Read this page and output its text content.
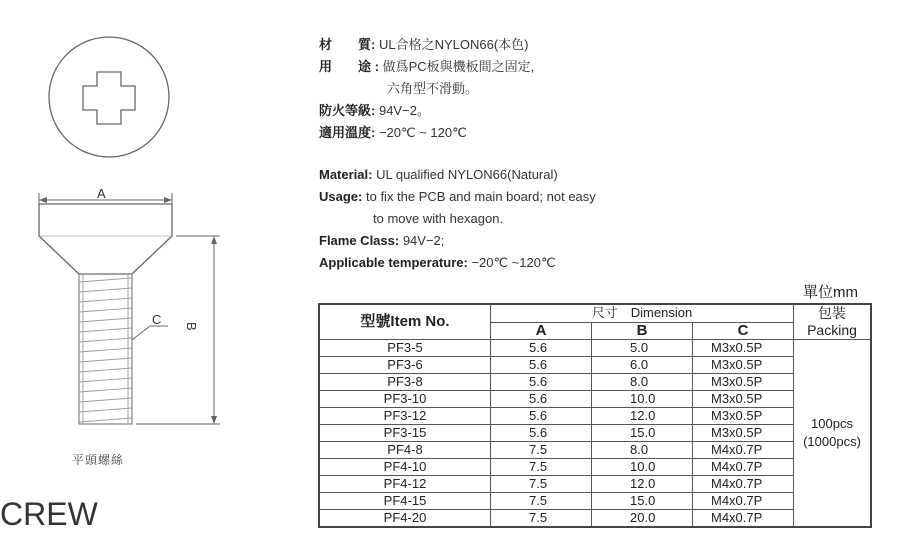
A
B
C
平頭螺絲
CREW
材　　質: UL合格之NYLON66(本色)
用　　途 : 做爲PC板與機板間之固定,
六角型不滑動。
防火等級: 94V−2。
適用溫度: −20℃ ~ 120℃
Material: UL qualified NYLON66(Natural)
Usage: to fix the PCB and main board; not easy
to move with hexagon.
Flame Class: 94V−2;
Applicable temperature: −20℃ ~120℃
單位mm
型號Item No.	尺寸　Dimension			包裝
Packing

	A	B	C	
PF3-5	5.6	5.0	M3x0.5P	100pcs
(1000pcs)

PF3-6	5.6	6.0	M3x0.5P	
PF3-8	5.6	8.0	M3x0.5P	
PF3-10	5.6	10.0	M3x0.5P	
PF3-12	5.6	12.0	M3x0.5P	
PF3-15	5.6	15.0	M3x0.5P	
PF4-8	7.5	8.0	M4x0.7P	
PF4-10	7.5	10.0	M4x0.7P	
PF4-12	7.5	12.0	M4x0.7P	
PF4-15	7.5	15.0	M4x0.7P	
PF4-20	7.5	20.0	M4x0.7P	
